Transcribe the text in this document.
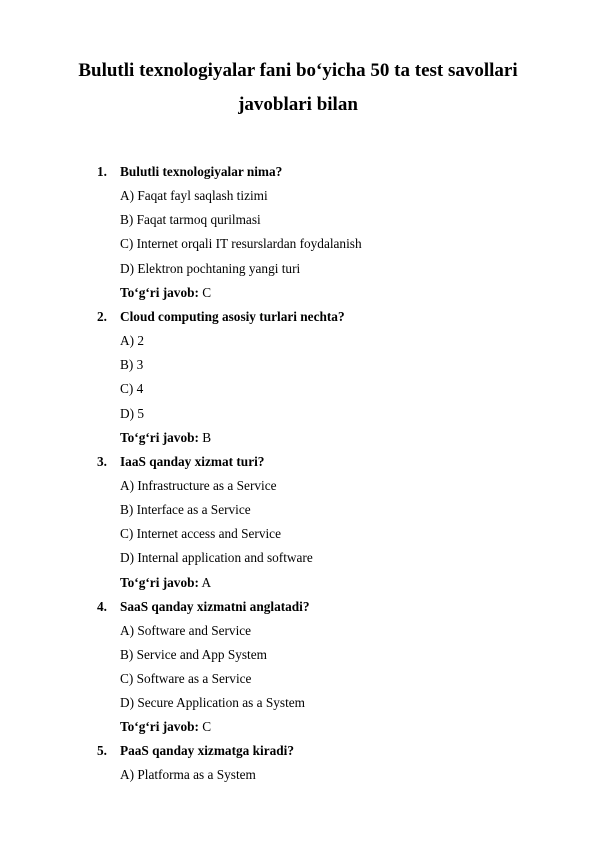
Bulutli texnologiyalar fani bo‘yicha 50 ta test savollari
javoblari bilan
1. Bulutli texnologiyalar nima?
A) Faqat fayl saqlash tizimi
B) Faqat tarmoq qurilmasi
C) Internet orqali IT resurslardan foydalanish
D) Elektron pochtaning yangi turi
To‘g‘ri javob: C
2. Cloud computing asosiy turlari nechta?
A) 2
B) 3
C) 4
D) 5
To‘g‘ri javob: B
3. IaaS qanday xizmat turi?
A) Infrastructure as a Service
B) Interface as a Service
C) Internet access and Service
D) Internal application and software
To‘g‘ri javob: A
4. SaaS qanday xizmatni anglatadi?
A) Software and Service
B) Service and App System
C) Software as a Service
D) Secure Application as a System
To‘g‘ri javob: C
5. PaaS qanday xizmatga kiradi?
A) Platforma as a System
